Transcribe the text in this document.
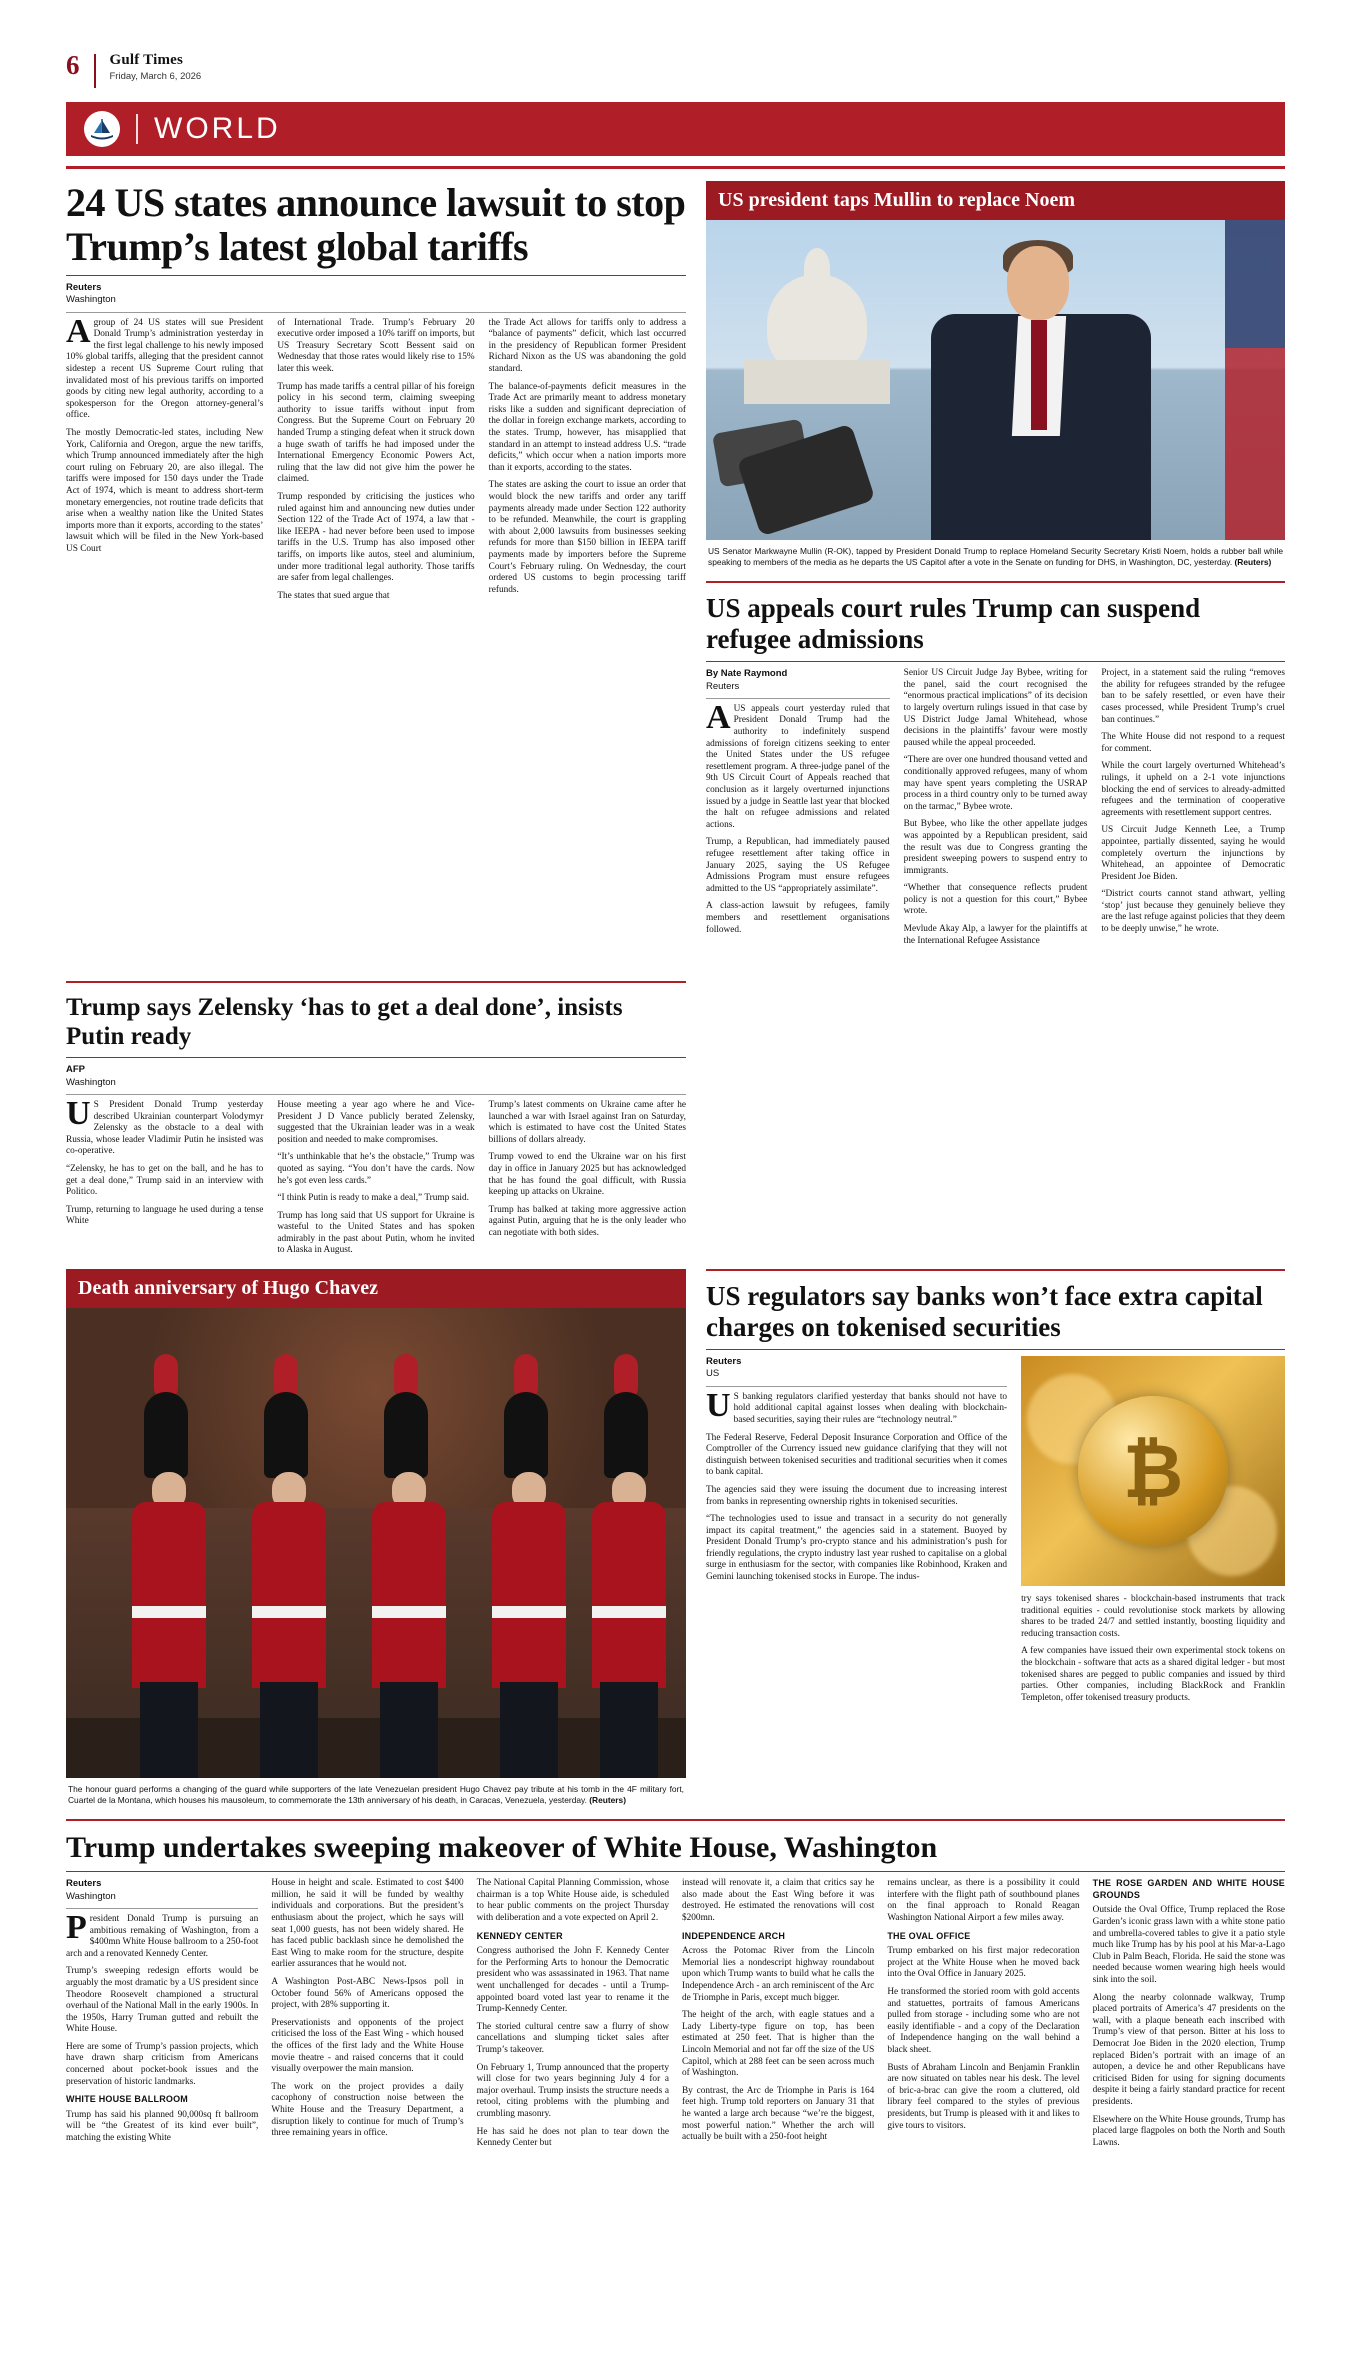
6 Gulf Times
Friday, March 6, 2026
WORLD
24 US states announce lawsuit to stop Trump’s latest global tariffs
Reuters
Washington

Agroup of 24 US states will sue President Donald Trump’s administration yesterday in the first legal challenge to his newly imposed 10% global tariffs, alleging that the president cannot sidestep a recent US Supreme Court ruling that invalidated most of his previous tariffs on imported goods by citing new legal authority, according to a spokesperson for the Oregon attorney-general’s office.

The mostly Democratic-led states, including New York, California and Oregon, argue the new tariffs, which Trump announced immediately after the high court ruling on February 20, are also illegal. The tariffs were imposed for 150 days under the Trade Act of 1974, which is meant to address short-term monetary emergencies, not routine trade deficits that arise when a wealthy nation like the United States imports more than it exports, according to the states’ lawsuit which will be filed in the New York-based US Court

of International Trade. Trump’s February 20 executive order imposed a 10% tariff on imports, but US Treasury Secretary Scott Bessent said on Wednesday that those rates would likely rise to 15% later this week.

Trump has made tariffs a central pillar of his foreign policy in his second term, claiming sweeping authority to issue tariffs without input from Congress. But the Supreme Court on February 20 handed Trump a stinging defeat when it struck down a huge swath of tariffs he had imposed under the International Emergency Economic Powers Act, ruling that the law did not give him the power he claimed.

Trump responded by criticising the justices who ruled against him and announcing new duties under Section 122 of the Trade Act of 1974, a law that - like IEEPA - had never before been used to impose tariffs in the U.S. Trump has also imposed other tariffs, on imports like autos, steel and aluminium, under more traditional legal authority. Those tariffs are safer from legal challenges.

The states that sued argue that

the Trade Act allows for tariffs only to address a “balance of payments” deficit, which last occurred in the presidency of Republican former President Richard Nixon as the US was abandoning the gold standard.

The balance-of-payments deficit measures in the Trade Act are primarily meant to address monetary risks like a sudden and significant depreciation of the dollar in foreign exchange markets, according to the states. Trump, however, has misapplied that standard in an attempt to instead address U.S. “trade deficits,” which occur when a nation imports more than it exports, according to the states.

The states are asking the court to issue an order that would block the new tariffs and order any tariff payments already made under Section 122 authority to be refunded. Meanwhile, the court is grappling with about 2,000 lawsuits from businesses seeking refunds for more than $150 billion in IEEPA tariff payments made by importers before the Supreme Court’s February ruling. On Wednesday, the court ordered US customs to begin processing tariff refunds.

US president taps Mullin to replace Noem
US Senator Markwayne Mullin (R-OK), tapped by President Donald Trump to replace Homeland Security Secretary Kristi Noem, holds a rubber ball while speaking to members of the media as he departs the US Capitol after a vote in the Senate on funding for DHS, in Washington, DC, yesterday. (Reuters)
US appeals court rules Trump can suspend refugee admissions
By Nate Raymond
Reuters

AUS appeals court yesterday ruled that President Donald Trump had the authority to indefinitely suspend admissions of foreign citizens seeking to enter the United States under the US refugee resettlement program. A three-judge panel of the 9th US Circuit Court of Appeals reached that conclusion as it largely overturned injunctions issued by a judge in Seattle last year that blocked the halt on refugee admissions and related actions.

Trump, a Republican, had immediately paused refugee resettlement after taking office in January 2025, saying the US Refugee Admissions Program must ensure refugees admitted to the US “appropriately assimilate”.

A class-action lawsuit by refugees, family members and resettlement organisations followed.

Senior US Circuit Judge Jay Bybee, writing for the panel, said the court recognised the “enormous practical implications” of its decision to largely overturn rulings issued in that case by US District Judge Jamal Whitehead, whose decisions in the plaintiffs’ favour were mostly paused while the appeal proceeded.

“There are over one hundred thousand vetted and conditionally approved refugees, many of whom may have spent years completing the USRAP process in a third country only to be turned away on the tarmac,” Bybee wrote.

But Bybee, who like the other appellate judges was appointed by a Republican president, said the result was due to Congress granting the president sweeping powers to suspend entry to immigrants.

“Whether that consequence reflects prudent policy is not a question for this court,” Bybee wrote.

Mevlude Akay Alp, a lawyer for the plaintiffs at the International Refugee Assistance

Project, in a statement said the ruling “removes the ability for refugees stranded by the refugee ban to be safely resettled, or even have their cases processed, while President Trump’s cruel ban continues.”

The White House did not respond to a request for comment.

While the court largely overturned Whitehead’s rulings, it upheld on a 2-1 vote injunctions blocking the end of services to already-admitted refugees and the termination of cooperative agreements with resettlement support centres.

US Circuit Judge Kenneth Lee, a Trump appointee, partially dissented, saying he would completely overturn the injunctions by Whitehead, an appointee of Democratic President Joe Biden.

“District courts cannot stand athwart, yelling ‘stop’ just because they genuinely believe they are the last refuge against policies that they deem to be deeply unwise,” he wrote.

Trump says Zelensky ‘has to get a deal done’, insists Putin ready
AFP
Washington

US President Donald Trump yesterday described Ukrainian counterpart Volodymyr Zelensky as the obstacle to a deal with Russia, whose leader Vladimir Putin he insisted was co-operative.

“Zelensky, he has to get on the ball, and he has to get a deal done,” Trump said in an interview with Politico.

Trump, returning to language he used during a tense White

House meeting a year ago where he and Vice-President J D Vance publicly berated Zelensky, suggested that the Ukrainian leader was in a weak position and needed to make compromises.

“It’s unthinkable that he’s the obstacle,” Trump was quoted as saying. “You don’t have the cards. Now he’s got even less cards.”

“I think Putin is ready to make a deal,” Trump said.

Trump has long said that US support for Ukraine is wasteful to the United States and has spoken admirably in the past about Putin, whom he invited to Alaska in August.

Trump’s latest comments on Ukraine came after he launched a war with Israel against Iran on Saturday, which is estimated to have cost the United States billions of dollars already.

Trump vowed to end the Ukraine war on his first day in office in January 2025 but has acknowledged that he has found the goal difficult, with Russia keeping up attacks on Ukraine.

Trump has balked at taking more aggressive action against Putin, arguing that he is the only leader who can negotiate with both sides.

Death anniversary of Hugo Chavez
The honour guard performs a changing of the guard while supporters of the late Venezuelan president Hugo Chavez pay tribute at his tomb in the 4F military fort, Cuartel de la Montana, which houses his mausoleum, to commemorate the 13th anniversary of his death, in Caracas, Venezuela, yesterday. (Reuters)
US regulators say banks won’t face extra capital charges on tokenised securities
Reuters
US

US banking regulators clarified yesterday that banks should not have to hold additional capital against losses when dealing with blockchain-based securities, saying their rules are “technology neutral.”

The Federal Reserve, Federal Deposit Insurance Corporation and Office of the Comptroller of the Currency issued new guidance clarifying that they will not distinguish between tokenised securities and traditional securities when it comes to bank capital.

The agencies said they were issuing the document due to increasing interest from banks in representing ownership rights in tokenised securities.

“The technologies used to issue and transact in a security do not generally impact its capital treatment,” the agencies said in a statement. Buoyed by President Donald Trump’s pro-crypto stance and his administration’s push for friendly regulations, the crypto industry last year rushed to capitalise on a global surge in enthusiasm for the sector, with companies like Robinhood, Kraken and Gemini launching tokenised stocks in Europe. The indus-

₿

try says tokenised shares - blockchain-based instruments that track traditional equities - could revolutionise stock markets by allowing shares to be traded 24/7 and settled instantly, boosting liquidity and reducing transaction costs.

A few companies have issued their own experimental stock tokens on the blockchain - software that acts as a shared digital ledger - but most tokenised shares are pegged to public companies and issued by third parties. Other companies, including BlackRock and Franklin Templeton, offer tokenised treasury products.

Trump undertakes sweeping makeover of White House, Washington
Reuters
Washington

President Donald Trump is pursuing an ambitious remaking of Washington, from a $400mn White House ballroom to a 250-foot arch and a renovated Kennedy Center.

Trump’s sweeping redesign efforts would be arguably the most dramatic by a US president since Theodore Roosevelt championed a structural overhaul of the National Mall in the early 1900s. In the 1950s, Harry Truman gutted and rebuilt the White House.

Here are some of Trump’s passion projects, which have drawn sharp criticism from Americans concerned about pocket-book issues and the preservation of historic landmarks.

WHITE HOUSE BALLROOM

Trump has said his planned 90,000sq ft ballroom will be “the Greatest of its kind ever built”, matching the existing White

House in height and scale. Estimated to cost $400 million, he said it will be funded by wealthy individuals and corporations. But the president’s enthusiasm about the project, which he says will seat 1,000 guests, has not been widely shared. He has faced public backlash since he demolished the East Wing to make room for the structure, despite earlier assurances that he would not.

A Washington Post-ABC News-Ipsos poll in October found 56% of Americans opposed the project, with 28% supporting it.

Preservationists and opponents of the project criticised the loss of the East Wing - which housed the offices of the first lady and the White House movie theatre - and raised concerns that it could visually overpower the main mansion.

The work on the project provides a daily cacophony of construction noise between the White House and the Treasury Department, a disruption likely to continue for much of Trump’s three remaining years in office.

The National Capital Planning Commission, whose chairman is a top White House aide, is scheduled to hear public comments on the project Thursday with deliberation and a vote expected on April 2.

KENNEDY CENTER

Congress authorised the John F. Kennedy Center for the Performing Arts to honour the Democratic president who was assassinated in 1963. That name went unchallenged for decades - until a Trump-appointed board voted last year to rename it the Trump-Kennedy Center.

The storied cultural centre saw a flurry of show cancellations and slumping ticket sales after Trump’s takeover.

On February 1, Trump announced that the property will close for two years beginning July 4 for a major overhaul. Trump insists the structure needs a retool, citing problems with the plumbing and crumbling masonry.

He has said he does not plan to tear down the Kennedy Center but

instead will renovate it, a claim that critics say he also made about the East Wing before it was destroyed. He estimated the renovations will cost $200mn.

INDEPENDENCE ARCH

Across the Potomac River from the Lincoln Memorial lies a nondescript highway roundabout upon which Trump wants to build what he calls the Independence Arch - an arch reminiscent of the Arc de Triomphe in Paris, except much bigger.

The height of the arch, with eagle statues and a Lady Liberty-type figure on top, has been estimated at 250 feet. That is higher than the Lincoln Memorial and not far off the size of the US Capitol, which at 288 feet can be seen across much of Washington.

By contrast, the Arc de Triomphe in Paris is 164 feet high. Trump told reporters on January 31 that he wanted a large arch because “we’re the biggest, most powerful nation.” Whether the arch will actually be built with a 250-foot height

remains unclear, as there is a possibility it could interfere with the flight path of southbound planes on the final approach to Ronald Reagan Washington National Airport a few miles away.

THE OVAL OFFICE

Trump embarked on his first major redecoration project at the White House when he moved back into the Oval Office in January 2025.

He transformed the storied room with gold accents and statuettes, portraits of famous Americans pulled from storage - including some who are not easily identifiable - and a copy of the Declaration of Independence hanging on the wall behind a black sheet.

Busts of Abraham Lincoln and Benjamin Franklin are now situated on tables near his desk. The level of bric-a-brac can give the room a cluttered, old library feel compared to the styles of previous presidents, but Trump is pleased with it and likes to give tours to visitors.

THE ROSE GARDEN AND WHITE HOUSE GROUNDS

Outside the Oval Office, Trump replaced the Rose Garden’s iconic grass lawn with a white stone patio and umbrella-covered tables to give it a patio style much like Trump has by his pool at his Mar-a-Lago Club in Palm Beach, Florida. He said the stone was needed because women wearing high heels would sink into the soil.

Along the nearby colonnade walkway, Trump placed portraits of America’s 47 presidents on the wall, with a plaque beneath each inscribed with Trump’s view of that person. Bitter at his loss to Democrat Joe Biden in the 2020 election, Trump replaced Biden’s portrait with an image of an autopen, a device he and other Republicans have criticised Biden for using for signing documents despite it being a fairly standard practice for recent presidents.

Elsewhere on the White House grounds, Trump has placed large flagpoles on both the North and South Lawns.
